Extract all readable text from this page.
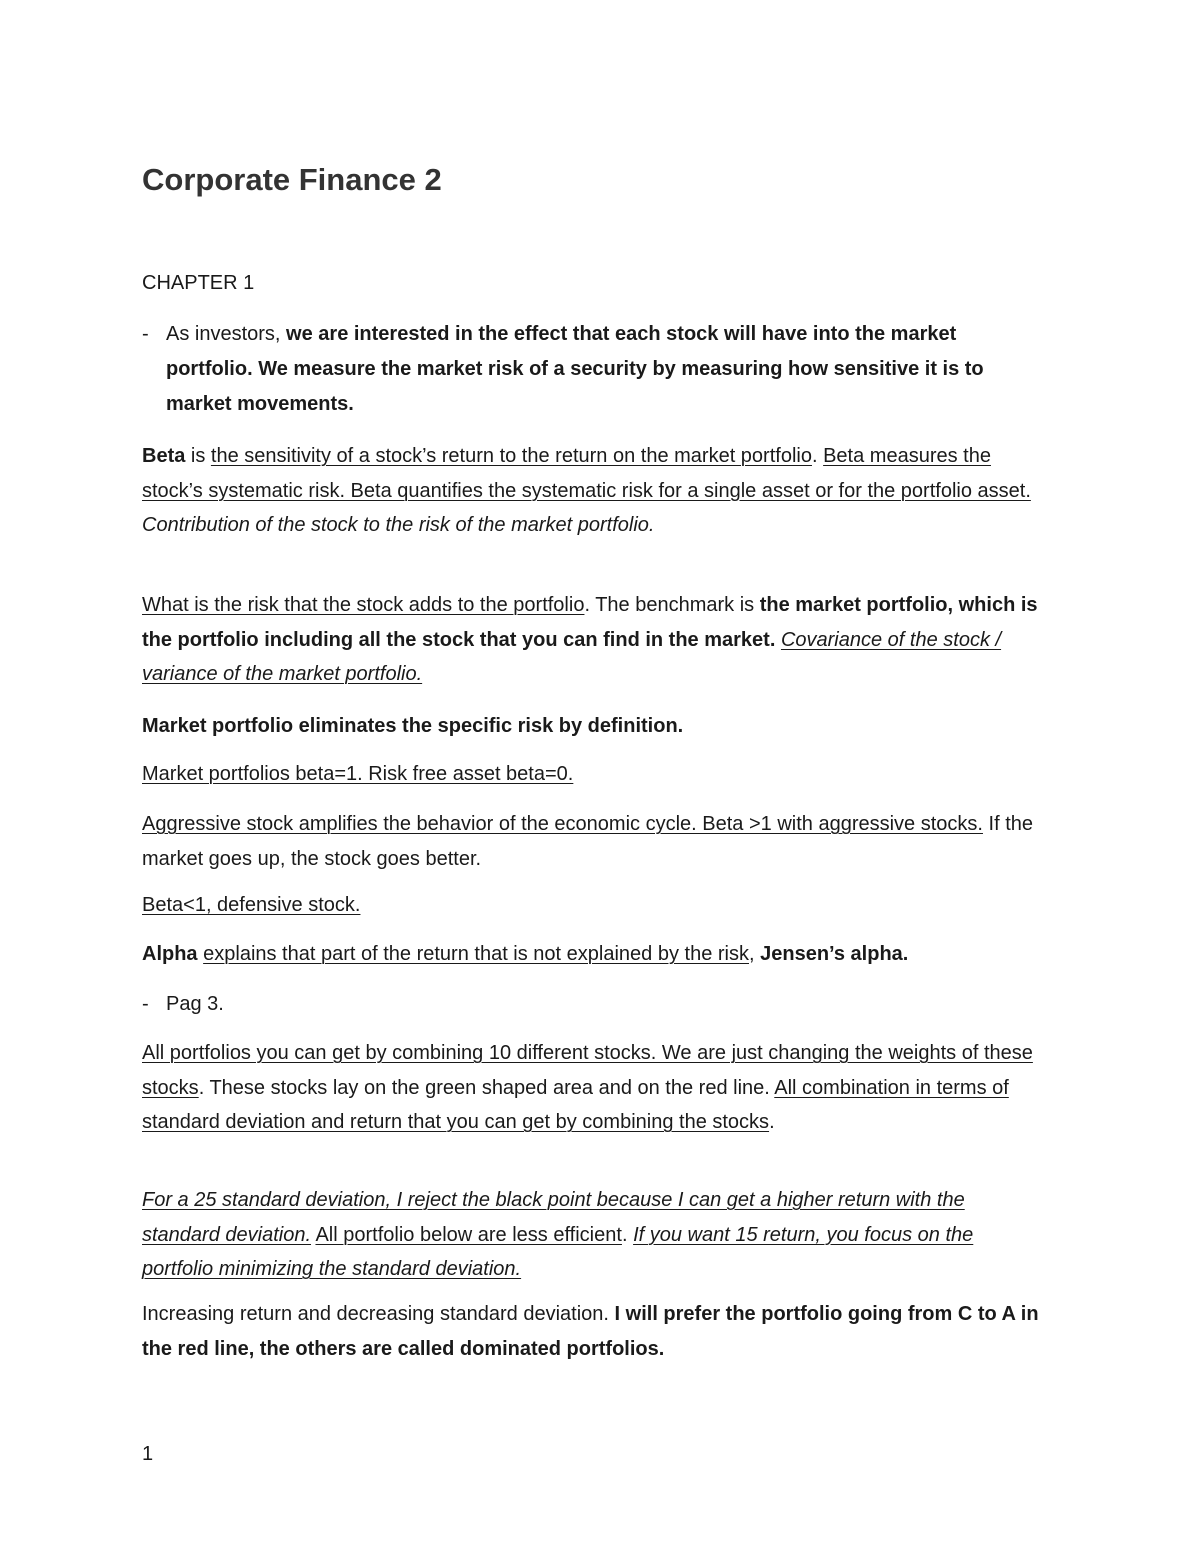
Corporate Finance 2

CHAPTER 1

- As investors, we are interested in the effect that each stock will have into the market portfolio. We measure the market risk of a security by measuring how sensitive it is to market movements.

Beta is the sensitivity of a stock’s return to the return on the market portfolio. Beta measures the stock’s systematic risk. Beta quantifies the systematic risk for a single asset or for the portfolio asset. Contribution of the stock to the risk of the market portfolio.

What is the risk that the stock adds to the portfolio. The benchmark is the market portfolio, which is the portfolio including all the stock that you can find in the market. Covariance of the stock / variance of the market portfolio.

Market portfolio eliminates the specific risk by definition.

Market portfolios beta=1. Risk free asset beta=0.

Aggressive stock amplifies the behavior of the economic cycle. Beta >1 with aggressive stocks. If the market goes up, the stock goes better.

Beta<1, defensive stock.

Alpha explains that part of the return that is not explained by the risk, Jensen’s alpha.

- Pag 3.

All portfolios you can get by combining 10 different stocks. We are just changing the weights of these stocks. These stocks lay on the green shaped area and on the red line. All combination in terms of standard deviation and return that you can get by combining the stocks.

For a 25 standard deviation, I reject the black point because I can get a higher return with the standard deviation. All portfolio below are less efficient. If you want 15 return, you focus on the portfolio minimizing the standard deviation.

Increasing return and decreasing standard deviation. I will prefer the portfolio going from C to A in the red line, the others are called dominated portfolios.

1
